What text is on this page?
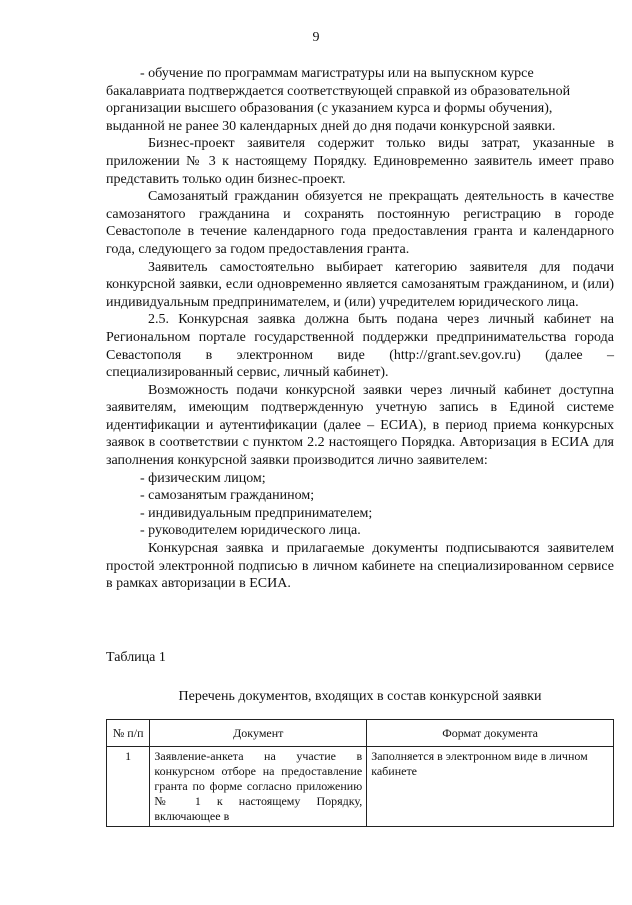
9

- обучение по программам магистратуры или на выпускном курсе бакалавриата подтверждается соответствующей справкой из образовательной организации высшего образования (с указанием курса и формы обучения), выданной не ранее 30 календарных дней до дня подачи конкурсной заявки.

Бизнес-проект заявителя содержит только виды затрат, указанные в приложении № 3 к настоящему Порядку. Единовременно заявитель имеет право представить только один бизнес-проект.

Самозанятый гражданин обязуется не прекращать деятельность в качестве самозанятого гражданина и сохранять постоянную регистрацию в городе Севастополе в течение календарного года предоставления гранта и календарного года, следующего за годом предоставления гранта.

Заявитель самостоятельно выбирает категорию заявителя для подачи конкурсной заявки, если одновременно является самозанятым гражданином, и (или) индивидуальным предпринимателем, и (или) учредителем юридического лица.

2.5. Конкурсная заявка должна быть подана через личный кабинет на Региональном портале государственной поддержки предпринимательства города Севастополя в электронном виде (http://grant.sev.gov.ru) (далее – специализированный сервис, личный кабинет).

Возможность подачи конкурсной заявки через личный кабинет доступна заявителям, имеющим подтвержденную учетную запись в Единой системе идентификации и аутентификации (далее – ЕСИА), в период приема конкурсных заявок в соответствии с пунктом 2.2 настоящего Порядка. Авторизация в ЕСИА для заполнения конкурсной заявки производится лично заявителем:

- физическим лицом;

- самозанятым гражданином;

- индивидуальным предпринимателем;

- руководителем юридического лица.

Конкурсная заявка и прилагаемые документы подписываются заявителем простой электронной подписью в личном кабинете на специализированном сервисе в рамках авторизации в ЕСИА.

Таблица 1
Перечень документов, входящих в состав конкурсной заявки
№ п/п	Документ	Формат документа
1	Заявление-анкета на участие в конкурсном отборе на предоставление гранта по форме согласно приложению № 1 к настоящему Порядку, включающее в	Заполняется в электронном виде в личном кабинете
